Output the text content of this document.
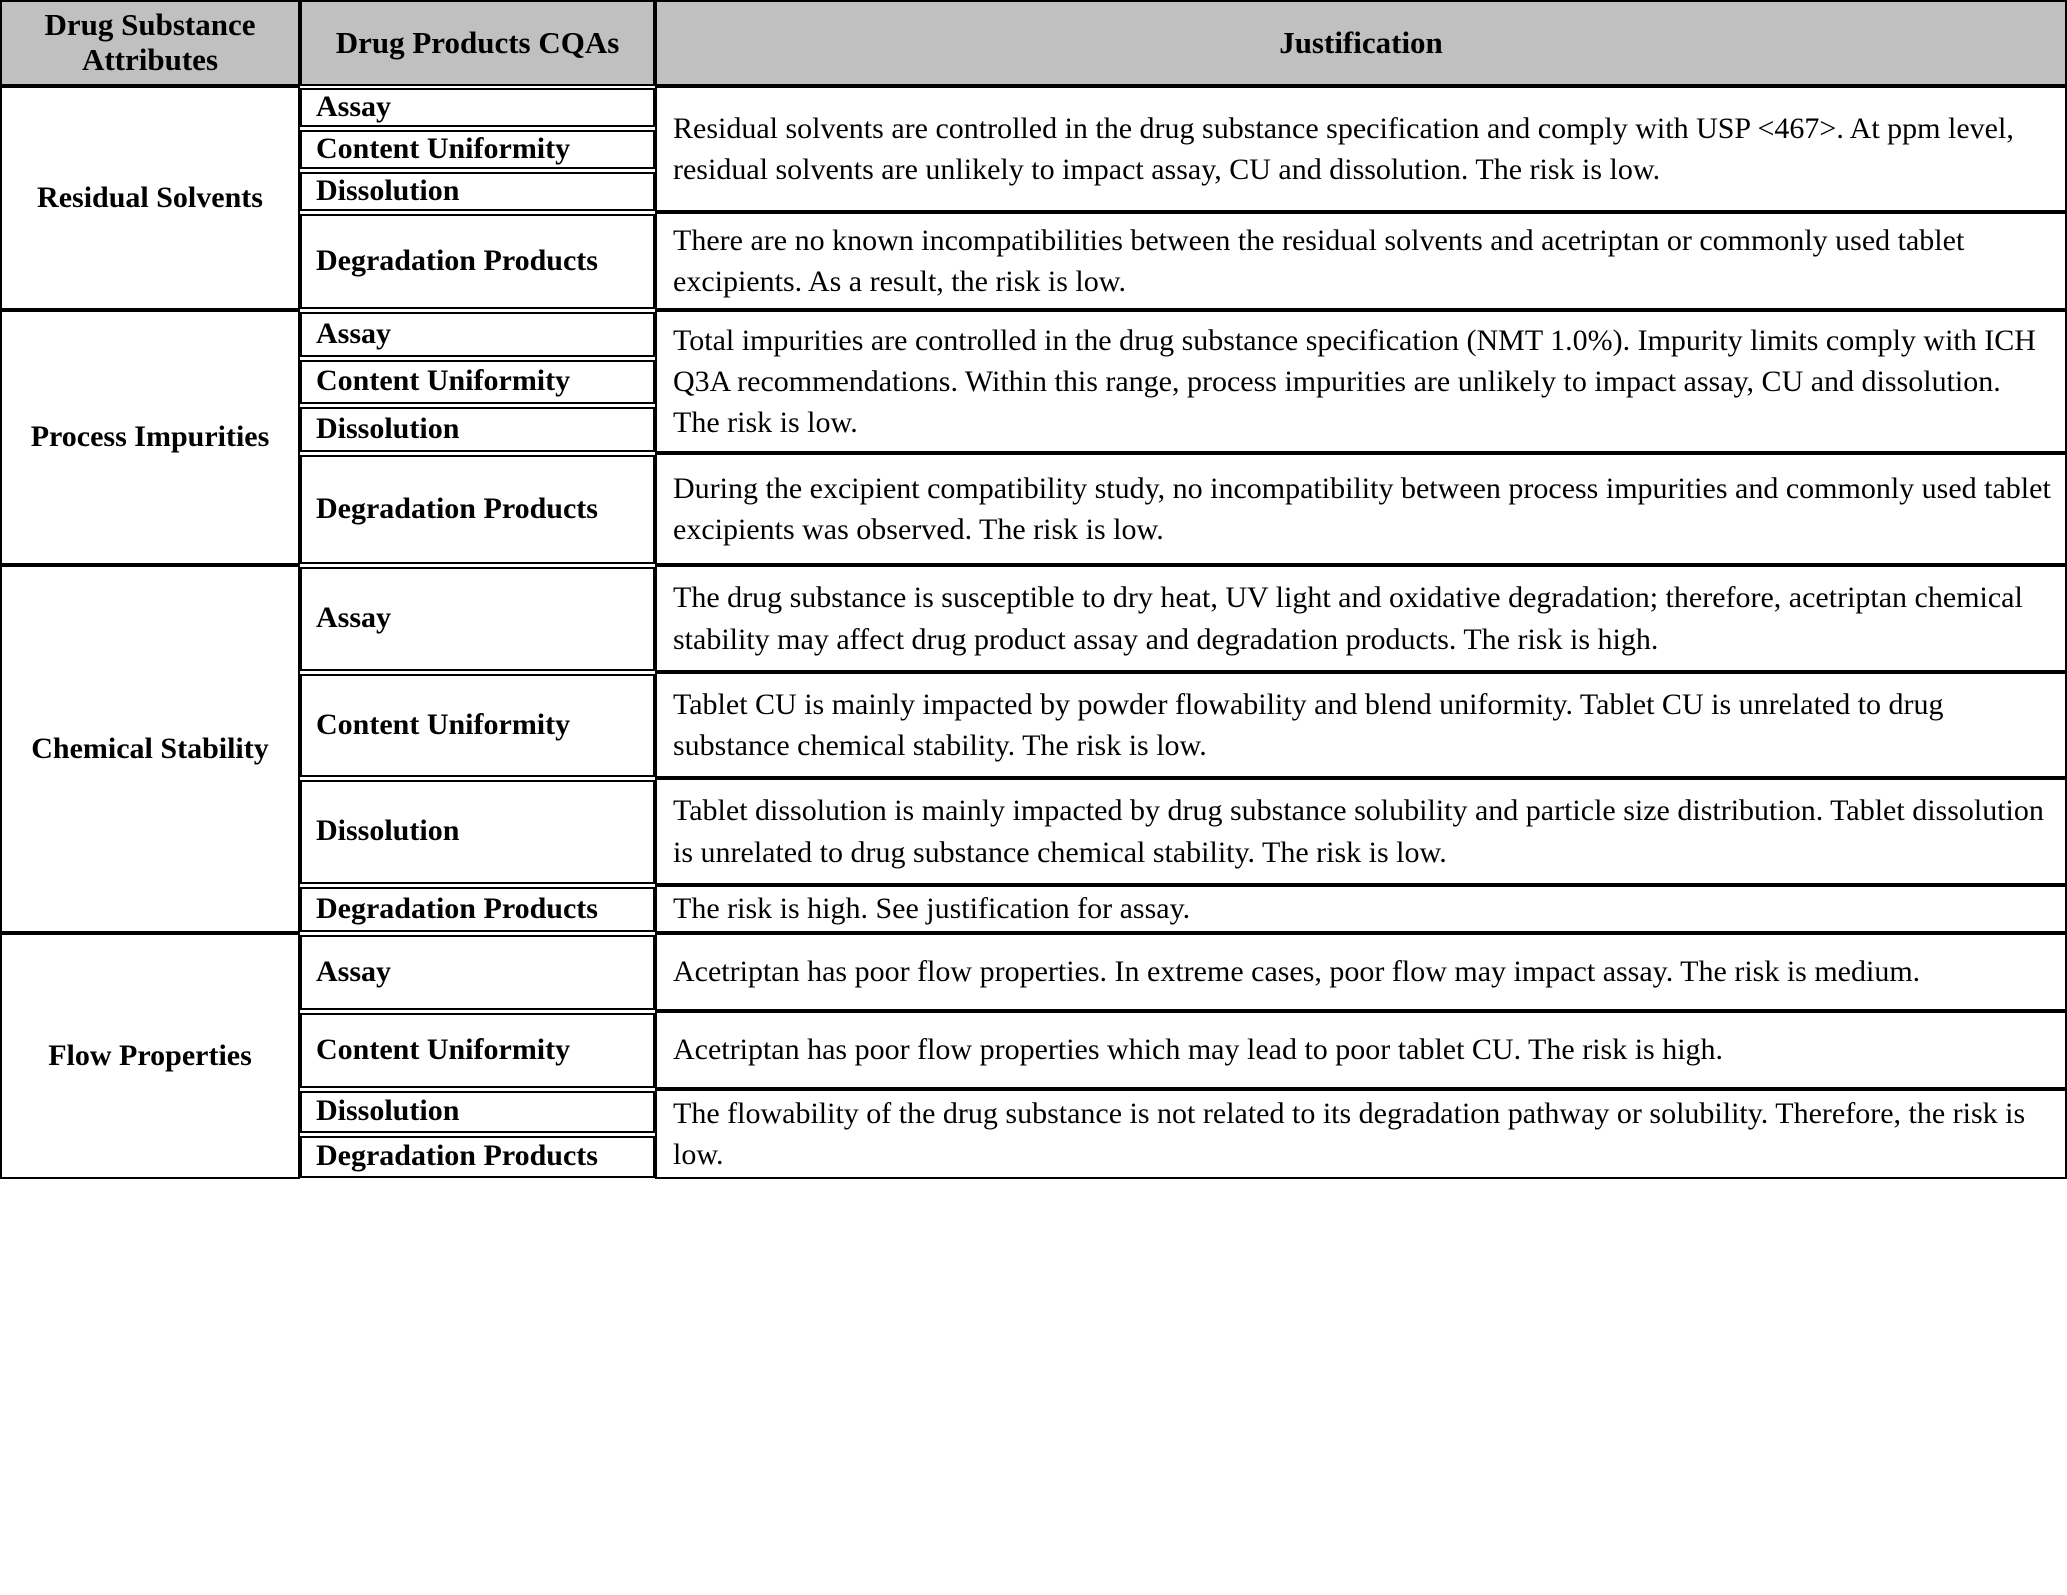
Drug Substance Attributes	Drug Products CQAs	Justification

Residual Solvents	Assay	Residual solvents are controlled in the drug substance specification and comply with USP <467>. At ppm level, residual solvents are unlikely to impact assay, CU and dissolution. The risk is low.

	Content Uniformity	

	Dissolution	

	Degradation Products	There are no known incompatibilities between the residual solvents and acetriptan or commonly used tablet excipients. As a result, the risk is low.

Process Impurities	Assay	Total impurities are controlled in the drug substance specification (NMT 1.0%). Impurity limits comply with ICH Q3A recommendations. Within this range, process impurities are unlikely to impact assay, CU and dissolution. The risk is low.

	Content Uniformity	

	Dissolution	

	Degradation Products	During the excipient compatibility study, no incompatibility between process impurities and commonly used tablet excipients was observed. The risk is low.

Chemical Stability	Assay	The drug substance is susceptible to dry heat, UV light and oxidative degradation; therefore, acetriptan chemical stability may affect drug product assay and degradation products. The risk is high.

	Content Uniformity	Tablet CU is mainly impacted by powder flowability and blend uniformity. Tablet CU is unrelated to drug substance chemical stability. The risk is low.

	Dissolution	Tablet dissolution is mainly impacted by drug substance solubility and particle size distribution. Tablet dissolution is unrelated to drug substance chemical stability. The risk is low.

	Degradation Products	The risk is high. See justification for assay.

Flow Properties	Assay	Acetriptan has poor flow properties. In extreme cases, poor flow may impact assay. The risk is medium.

	Content Uniformity	Acetriptan has poor flow properties which may lead to poor tablet CU. The risk is high.

	Dissolution	The flowability of the drug substance is not related to its degradation pathway or solubility. Therefore, the risk is low.

	Degradation Products	
